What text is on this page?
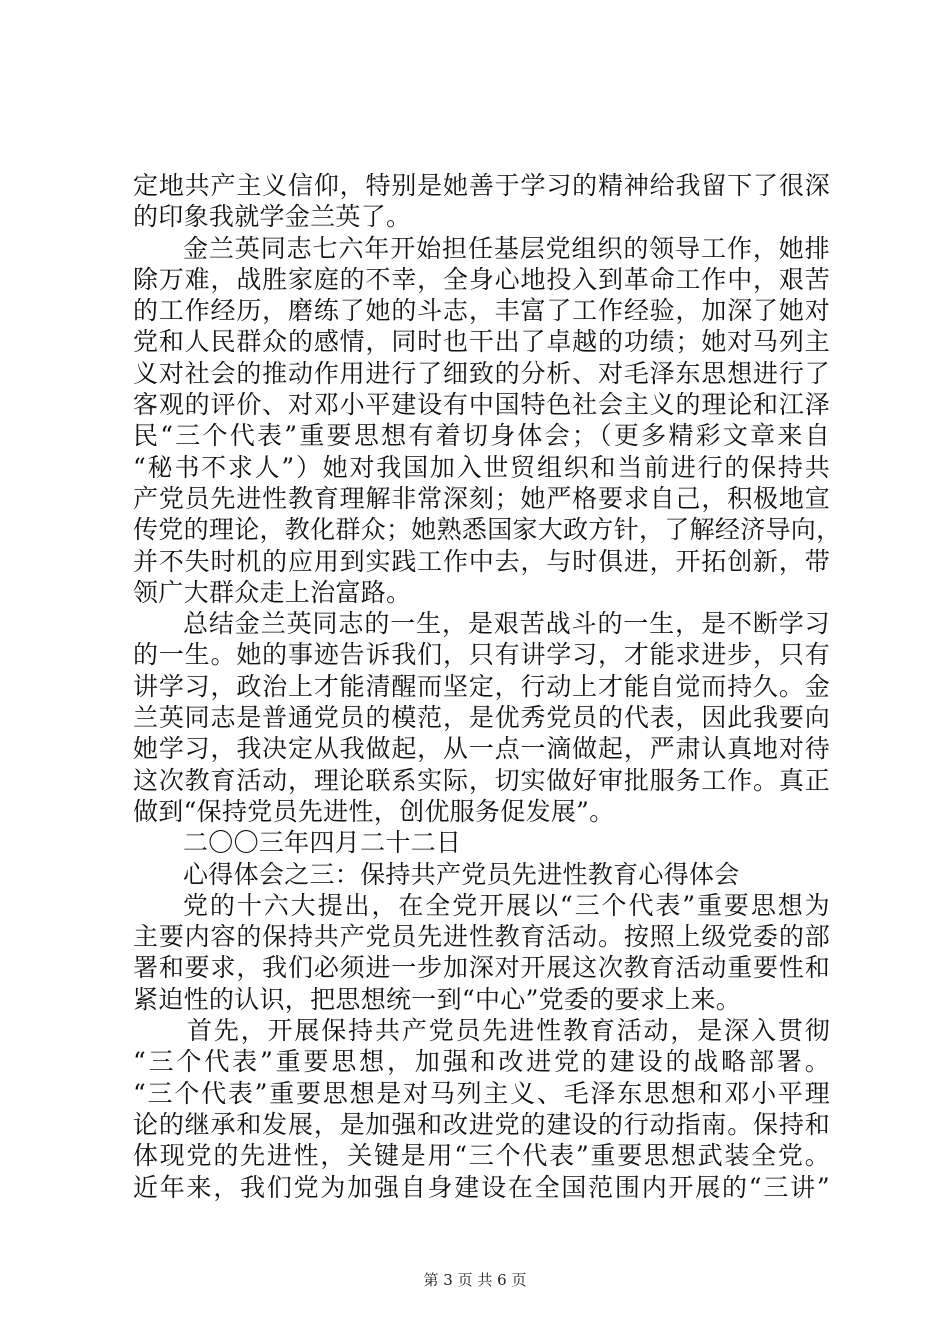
定地共产主义信仰，特别是她善于学习的精神给我留下了很深
的印象我就学金兰英了。
金兰英同志七六年开始担任基层党组织的领导工作，她排
除万难，战胜家庭的不幸，全身心地投入到革命工作中，艰苦
的工作经历，磨练了她的斗志，丰富了工作经验，加深了她对
党和人民群众的感情，同时也干出了卓越的功绩；她对马列主
义对社会的推动作用进行了细致的分析、对毛泽东思想进行了
客观的评价、对邓小平建设有中国特色社会主义的理论和江泽
民“三个代表”重要思想有着切身体会；（更多精彩文章来自
“秘书不求人”）她对我国加入世贸组织和当前进行的保持共
产党员先进性教育理解非常深刻；她严格要求自己，积极地宣
传党的理论，教化群众；她熟悉国家大政方针，了解经济导向，
并不失时机的应用到实践工作中去，与时俱进，开拓创新，带
领广大群众走上治富路。
总结金兰英同志的一生，是艰苦战斗的一生，是不断学习
的一生。她的事迹告诉我们，只有讲学习，才能求进步，只有
讲学习，政治上才能清醒而坚定，行动上才能自觉而持久。金
兰英同志是普通党员的模范，是优秀党员的代表，因此我要向
她学习，我决定从我做起，从一点一滴做起，严肃认真地对待
这次教育活动，理论联系实际，切实做好审批服务工作。真正
做到“保持党员先进性，创优服务促发展”。
二〇〇三年四月二十二日
心得体会之三：保持共产党员先进性教育心得体会
党的十六大提出，在全党开展以“三个代表”重要思想为
主要内容的保持共产党员先进性教育活动。按照上级党委的部
署和要求，我们必须进一步加深对开展这次教育活动重要性和
紧迫性的认识，把思想统一到“中心”党委的要求上来。
首先，开展保持共产党员先进性教育活动，是深入贯彻
“三个代表”重要思想，加强和改进党的建设的战略部署。
“三个代表”重要思想是对马列主义、毛泽东思想和邓小平理
论的继承和发展，是加强和改进党的建设的行动指南。保持和
体现党的先进性，关键是用“三个代表”重要思想武装全党。
近年来，我们党为加强自身建设在全国范围内开展的“三讲”
第 3 页 共 6 页
